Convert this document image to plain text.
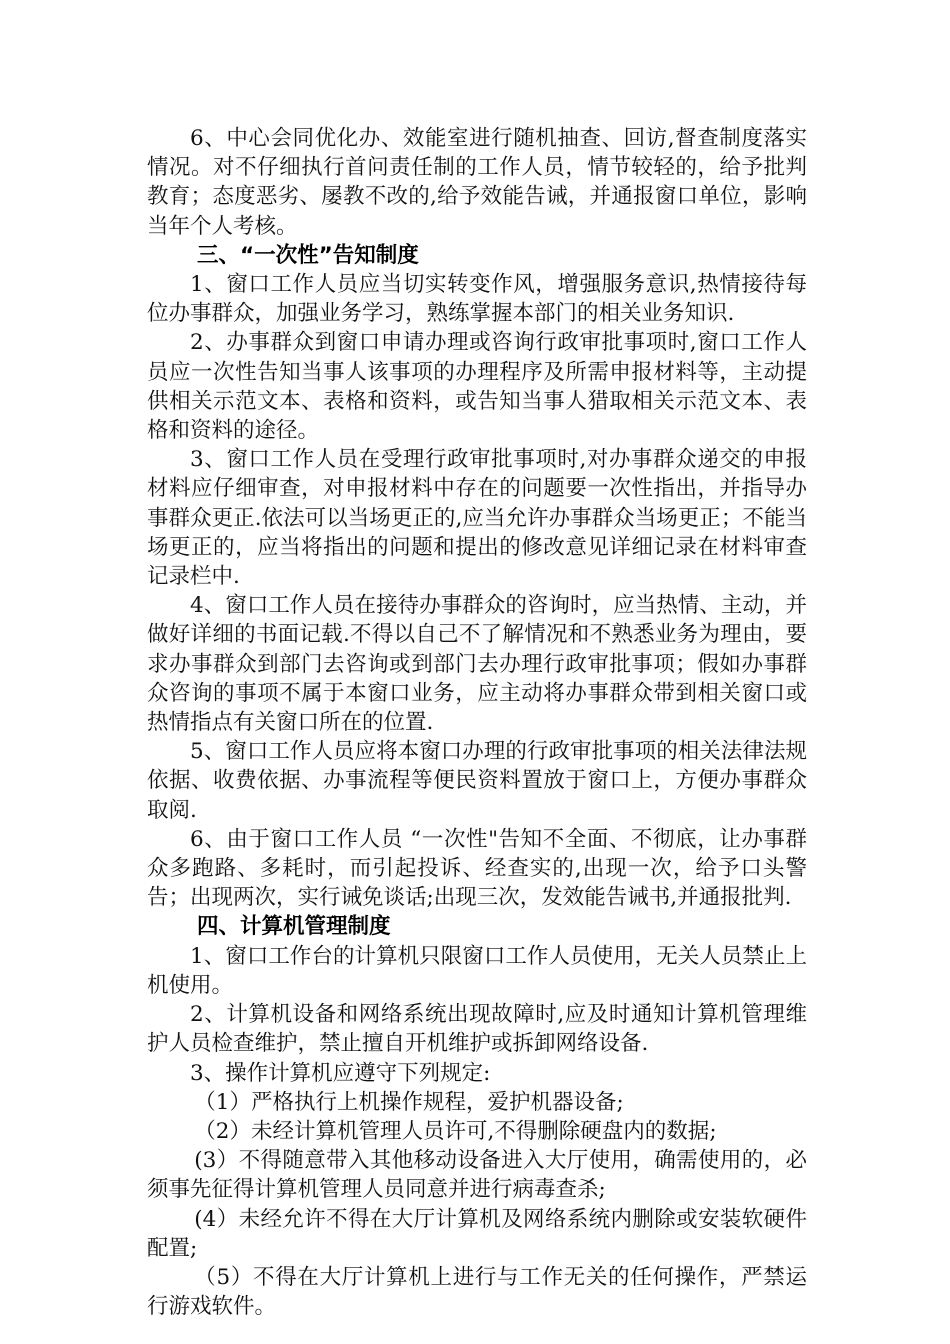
6、中心会同优化办、效能室进行随机抽查、回访,督查制度落实情况。对不仔细执行首问责任制的工作人员，情节较轻的，给予批判教育；态度恶劣、屡教不改的,给予效能告诫，并通报窗口单位，影响当年个人考核。

三、“一次性”告知制度

1、窗口工作人员应当切实转变作风，增强服务意识,热情接待每位办事群众，加强业务学习，熟练掌握本部门的相关业务知识.

2、办事群众到窗口申请办理或咨询行政审批事项时,窗口工作人员应一次性告知当事人该事项的办理程序及所需申报材料等，主动提供相关示范文本、表格和资料，或告知当事人猎取相关示范文本、表格和资料的途径。

3、窗口工作人员在受理行政审批事项时,对办事群众递交的申报材料应仔细审查，对申报材料中存在的问题要一次性指出，并指导办事群众更正.依法可以当场更正的,应当允许办事群众当场更正；不能当场更正的，应当将指出的问题和提出的修改意见详细记录在材料审查记录栏中.

4、窗口工作人员在接待办事群众的咨询时，应当热情、主动，并做好详细的书面记载.不得以自己不了解情况和不熟悉业务为理由，要求办事群众到部门去咨询或到部门去办理行政审批事项；假如办事群众咨询的事项不属于本窗口业务，应主动将办事群众带到相关窗口或热情指点有关窗口所在的位置.

5、窗口工作人员应将本窗口办理的行政审批事项的相关法律法规依据、收费依据、办事流程等便民资料置放于窗口上，方便办事群众取阅.

6、由于窗口工作人员 “一次性"告知不全面、不彻底，让办事群众多跑路、多耗时，而引起投诉、经查实的,出现一次，给予口头警告；出现两次，实行诫免谈话;出现三次，发效能告诫书,并通报批判.

四、计算机管理制度

1、窗口工作台的计算机只限窗口工作人员使用，无关人员禁止上机使用。

2、计算机设备和网络系统出现故障时,应及时通知计算机管理维护人员检查维护，禁止擅自开机维护或拆卸网络设备.

3、操作计算机应遵守下列规定:

（1）严格执行上机操作规程，爱护机器设备;

（2）未经计算机管理人员许可,不得删除硬盘内的数据;

(3）不得随意带入其他移动设备进入大厅使用，确需使用的，必须事先征得计算机管理人员同意并进行病毒查杀;

(4）未经允许不得在大厅计算机及网络系统内删除或安装软硬件配置;

（5）不得在大厅计算机上进行与工作无关的任何操作，严禁运行游戏软件。
